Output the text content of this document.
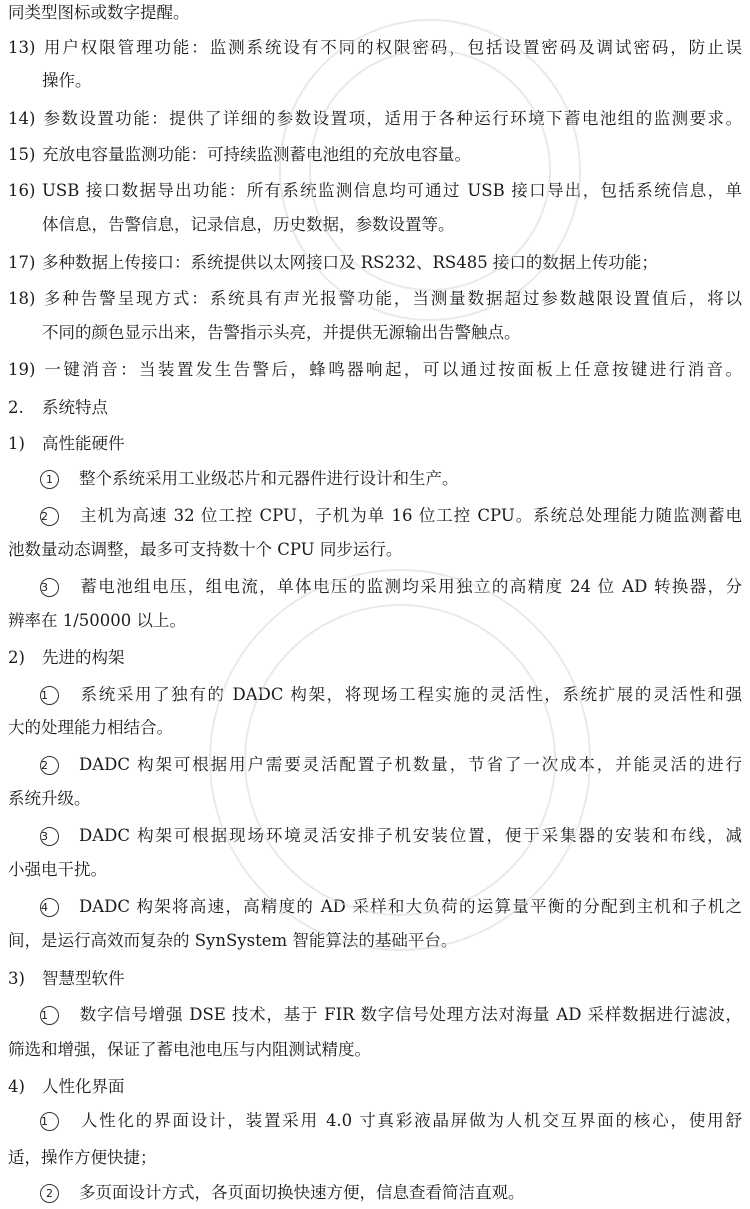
同类型图标或数字提醒。
13) 用户权限管理功能：监测系统设有不同的权限密码，包括设置密码及调试密码，防止误
操作。
14) 参数设置功能：提供了详细的参数设置项，适用于各种运行环境下蓄电池组的监测要求。
15) 充放电容量监测功能：可持续监测蓄电池组的充放电容量。
16) USB 接口数据导出功能：所有系统监测信息均可通过 USB 接口导出，包括系统信息，单
体信息，告警信息，记录信息，历史数据，参数设置等。
17) 多种数据上传接口：系统提供以太网接口及 RS232、RS485 接口的数据上传功能；
18) 多种告警呈现方式：系统具有声光报警功能，当测量数据超过参数越限设置值后，将以
不同的颜色显示出来，告警指示头亮，并提供无源输出告警触点。
19) 一键消音：当装置发生告警后，蜂鸣器响起，可以通过按面板上任意按键进行消音。
2. 系统特点
1) 高性能硬件
1 整个系统采用工业级芯片和元器件进行设计和生产。
2 主机为高速 32 位工控 CPU，子机为单 16 位工控 CPU。系统总处理能力随监测蓄电
池数量动态调整，最多可支持数十个 CPU 同步运行。
3 蓄电池组电压，组电流，单体电压的监测均采用独立的高精度 24 位 AD 转换器，分
辨率在 1/50000 以上。
2) 先进的构架
1 系统采用了独有的 DADC 构架，将现场工程实施的灵活性，系统扩展的灵活性和强
大的处理能力相结合。
2 DADC 构架可根据用户需要灵活配置子机数量，节省了一次成本，并能灵活的进行
系统升级。
3 DADC 构架可根据现场环境灵活安排子机安装位置，便于采集器的安装和布线，减
小强电干扰。
4 DADC 构架将高速，高精度的 AD 采样和大负荷的运算量平衡的分配到主机和子机之
间，是运行高效而复杂的 SynSystem 智能算法的基础平台。
3) 智慧型软件
1 数字信号增强 DSE 技术，基于 FIR 数字信号处理方法对海量 AD 采样数据进行滤波，
筛选和增强，保证了蓄电池电压与内阻测试精度。
4) 人性化界面
1 人性化的界面设计，装置采用 4.0 寸真彩液晶屏做为人机交互界面的核心，使用舒
适，操作方便快捷；
2 多页面设计方式，各页面切换快速方便，信息查看简洁直观。
